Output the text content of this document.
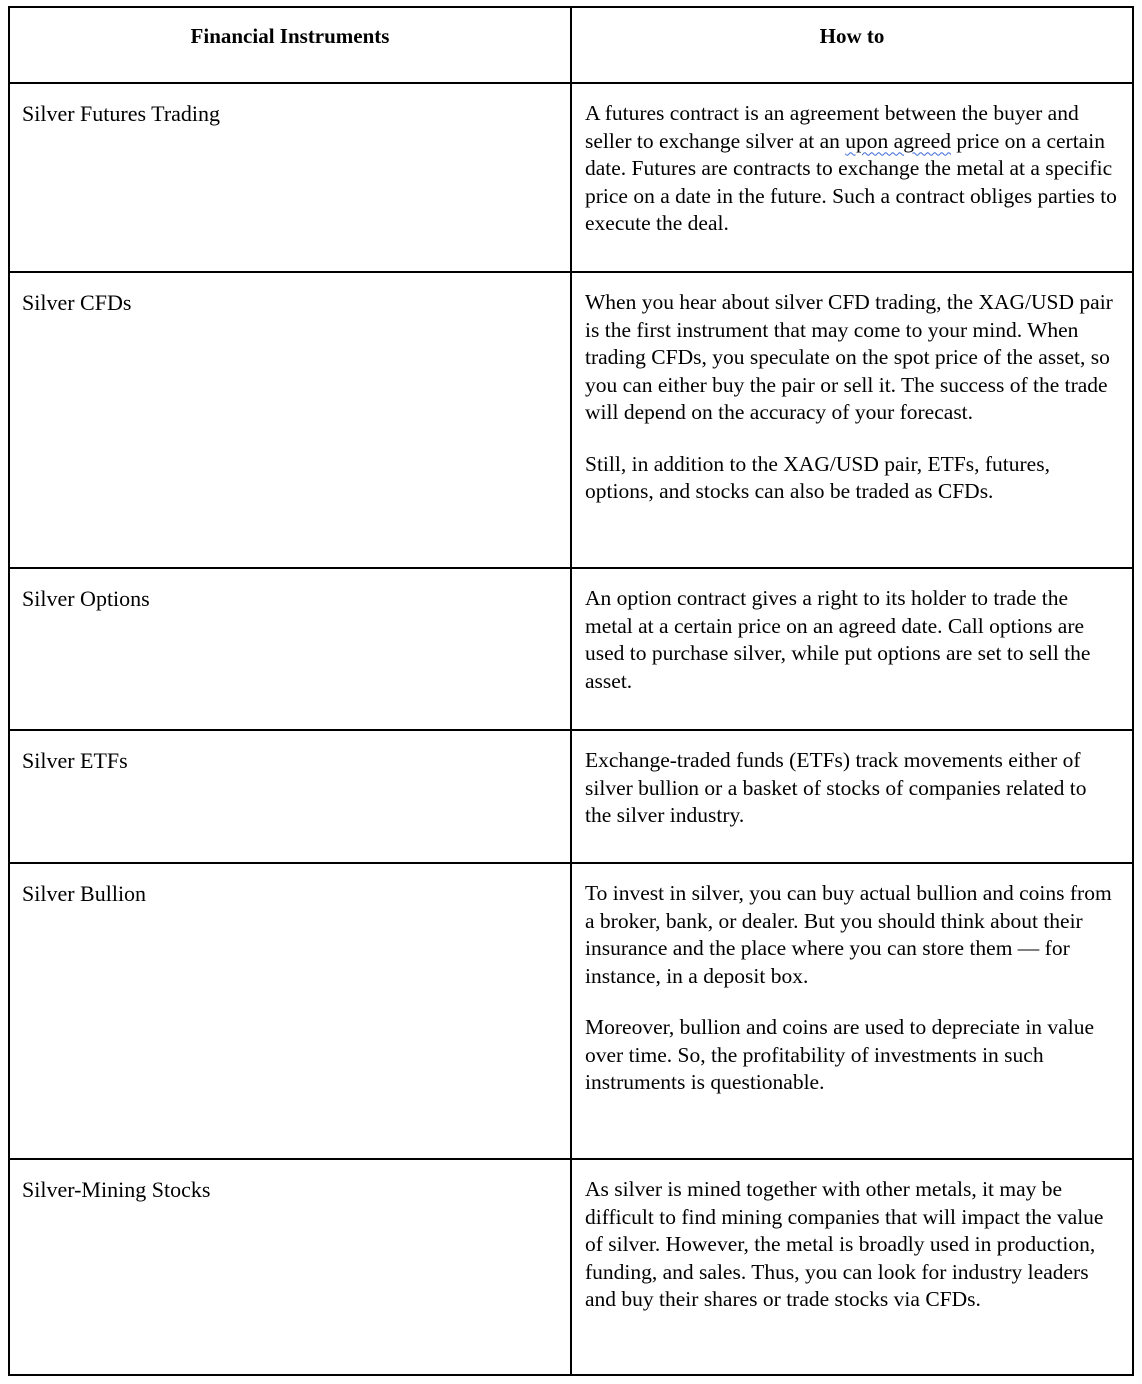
Financial Instruments	How to

Silver Futures Trading	A futures contract is an agreement between the buyer and seller to exchange silver at an upon agreed price on a certain date. Futures are contracts to exchange the metal at a specific price on a date in the future. Such a contract obliges parties to execute the deal.

Silver CFDs	When you hear about silver CFD trading, the XAG/USD pair is the first instrument that may come to your mind. When trading CFDs, you speculate on the spot price of the asset, so you can either buy the pair or sell it. The success of the trade will depend on the accuracy of your forecast.

Still, in addition to the XAG/USD pair, ETFs, futures, options, and stocks can also be traded as CFDs.

Silver Options	An option contract gives a right to its holder to trade the metal at a certain price on an agreed date. Call options are used to purchase silver, while put options are set to sell the asset.

Silver ETFs	Exchange-traded funds (ETFs) track movements either of silver bullion or a basket of stocks of companies related to the silver industry.

Silver Bullion	To invest in silver, you can buy actual bullion and coins from a broker, bank, or dealer. But you should think about their insurance and the place where you can store them — for instance, in a deposit box.

Moreover, bullion and coins are used to depreciate in value over time. So, the profitability of investments in such instruments is questionable.

Silver-Mining Stocks	As silver is mined together with other metals, it may be difficult to find mining companies that will impact the value of silver. However, the metal is broadly used in production, funding, and sales. Thus, you can look for industry leaders and buy their shares or trade stocks via CFDs.
